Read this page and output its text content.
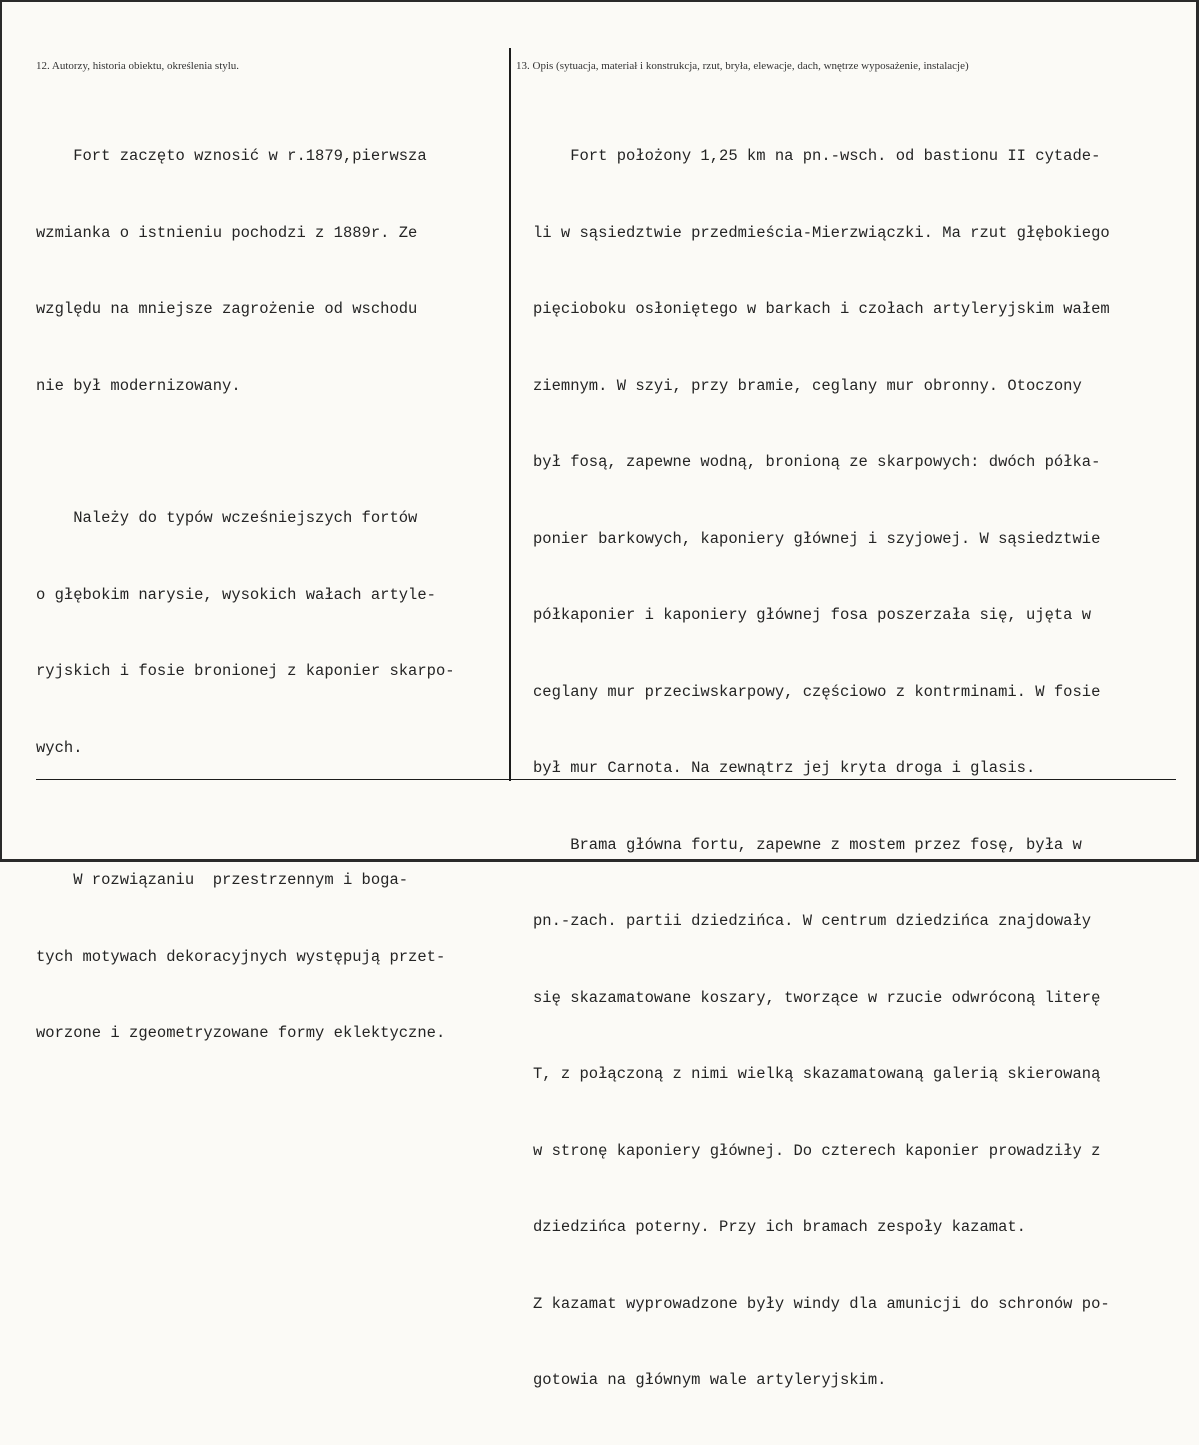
12. Autorzy, historia obiektu, określenia stylu.	13. Opis (sytuacja, materiał i konstrukcja, rzut, bryła, elewacje, dach, wnętrze wyposażenie, instalacje)

Fort zaczęto wznosić w r.1879,pierwsza

wzmianka o istnieniu pochodzi z 1889r. Ze

względu na mniejsze zagrożenie od wschodu

nie był modernizowany.

Należy do typów wcześniejszych fortów

o głębokim narysie, wysokich wałach artyle-

ryjskich i fosie bronionej z kaponier skarpo-

wych.

W rozwiązaniu  przestrzennym i boga-

tych motywach dekoracyjnych występują przet-

worzone i zgeometryzowane formy eklektyczne.

Fort położony 1,25 km na pn.-wsch. od bastionu II cytade-

li w sąsiedztwie przedmieścia-Mierzwiączki. Ma rzut głębokiego

pięcioboku osłoniętego w barkach i czołach artyleryjskim wałem

ziemnym. W szyi, przy bramie, ceglany mur obronny. Otoczony

był fosą, zapewne wodną, bronioną ze skarpowych: dwóch półka-

ponier barkowych, kaponiery głównej i szyjowej. W sąsiedztwie

półkaponier i kaponiery głównej fosa poszerzała się, ujęta w

ceglany mur przeciwskarpowy, częściowo z kontrminami. W fosie

był mur Carnota. Na zewnątrz jej kryta droga i glasis.

Brama główna fortu, zapewne z mostem przez fosę, była w

pn.-zach. partii dziedzińca. W centrum dziedzińca znajdowały

się skazamatowane koszary, tworzące w rzucie odwróconą literę

T, z połączoną z nimi wielką skazamatowaną galerią skierowaną

w stronę kaponiery głównej. Do czterech kaponier prowadziły z

dziedzińca poterny. Przy ich bramach zespoły kazamat.

Z kazamat wyprowadzone były windy dla amunicji do schronów po-

gotowia na głównym wale artyleryjskim.
